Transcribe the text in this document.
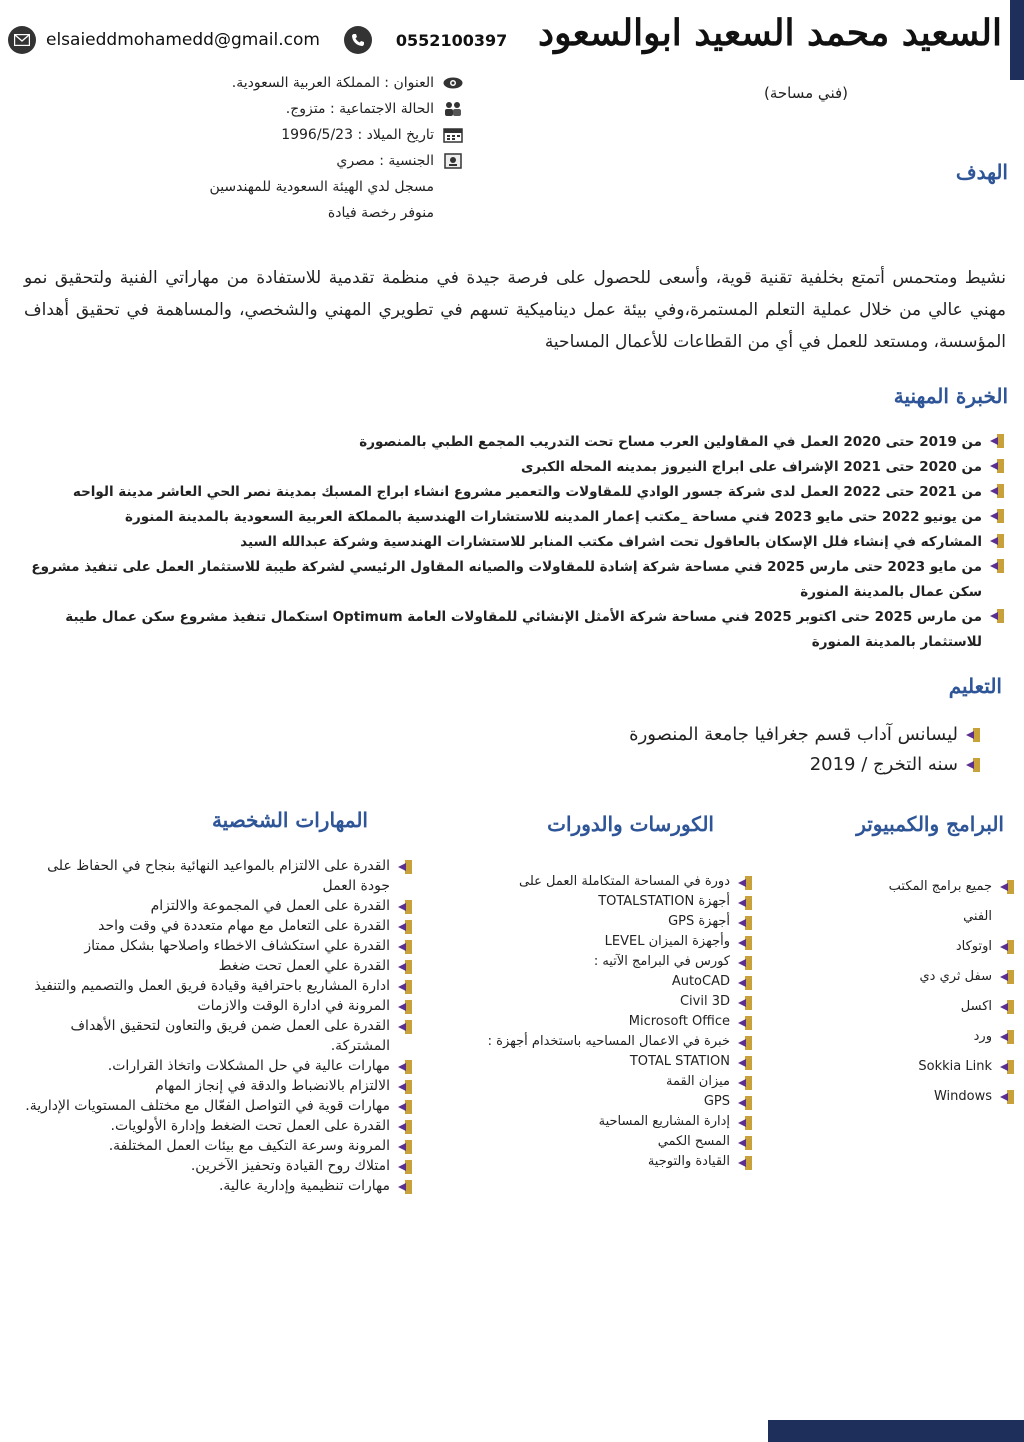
السعيد محمد السعيد ابوالسعود
(فني مساحة)
elsaieddmohamedd@gmail.com	0552100397
العنوان : المملكة العربية السعودية.
الحالة الاجتماعية : متزوج.
تاريخ الميلاد : 1996/5/23
الجنسية : مصري
مسجل لدي الهيئة السعودية للمهندسين
منوفر رخصة فيادة
الهدف
نشيط ومتحمس أتمتع بخلفية تقنية قوية، وأسعى للحصول على فرصة جيدة في منظمة تقدمية للاستفادة من مهاراتي الفنية ولتحقيق نمو مهني عالي من خلال عملية التعلم المستمرة،وفي بيئة عمل ديناميكية تسهم في تطويري المهني والشخصي، والمساهمة في تحقيق أهداف المؤسسة، ومستعد للعمل في أي من القطاعات للأعمال المساحية
الخبرة المهنية
من 2019 حتى 2020 العمل في المقاولين العرب مساح تحت التدريب المجمع الطبي بالمنصورة
من 2020 حتى 2021 الإشراف على ابراج النيروز بمدينه المحله الكبرى
من 2021 حتى 2022 العمل لدى شركة جسور الوادي للمقاولات والتعمير مشروع انشاء ابراج المسبك بمدينة نصر الحي العاشر مدينة الواحه
من يونيو 2022 حتى مايو 2023 فني مساحة _مكتب إعمار المدينه للاستشارات الهندسية بالمملكة العربية السعودية بالمدينة المنورة
المشاركه في إنشاء فلل الإسكان بالعاقول تحت اشراف مكتب المنابر للاستشارات الهندسية وشركة عبدالله السيد
من مايو 2023 حتى مارس 2025 فني مساحة شركة إشادة للمقاولات والصيانه المقاول الرئيسي لشركة طيبة للاستثمار العمل على تنفيذ مشروع سكن عمال بالمدينة المنورة
من مارس 2025 حتى اكتوبر 2025 فني مساحة شركة الأمثل الإنشائي للمقاولات العامة Optimum استكمال تنفيذ مشروع سكن عمال طيبة للاستثمار بالمدينة المنورة
التعليم
ليسانس آداب قسم جغرافيا جامعة المنصورة
سنه التخرج / 2019
البرامج والكمبيوتر
الكورسات والدورات
المهارات الشخصية
جميع برامج المكتب الفني
اوتوكاد
سفل ثري دي
اكسل
ورد
Sokkia Link
Windows
دورة في المساحة المتكاملة العمل على
أجهزة TOTALSTATION
أجهزة GPS
وأجهزة الميزان LEVEL
كورس في البرامج الآتيه :
AutoCAD
Civil 3D
Microsoft Office
خبرة في الاعمال المساحيه باستخدام أجهزة :
TOTAL STATION
ميزان القمة
GPS
إدارة المشاريع المساحية
المسح الكمي
القيادة والتوجية
القدرة على الالتزام بالمواعيد النهائية بنجاح في الحفاظ على جودة العمل
القدرة على العمل في المجموعة والالتزام
القدرة على التعامل مع مهام متعددة في وقت واحد
القدرة علي استكشاف الاخطاء واصلاحها بشكل ممتاز
القدرة علي العمل تحت ضغط
ادارة المشاريع باحترافية وقيادة فريق العمل والتصميم والتنفيذ
المرونة في ادارة الوقت والازمات
القدرة على العمل ضمن فريق والتعاون لتحقيق الأهداف المشتركة.
مهارات عالية في حل المشكلات واتخاذ القرارات.
الالتزام بالانضباط والدقة في إنجاز المهام
مهارات قوية في التواصل الفعّال مع مختلف المستويات الإدارية.
القدرة على العمل تحت الضغط وإدارة الأولويات.
المرونة وسرعة التكيف مع بيئات العمل المختلفة.
امتلاك روح القيادة وتحفيز الآخرين.
مهارات تنظيمية وإدارية عالية.
